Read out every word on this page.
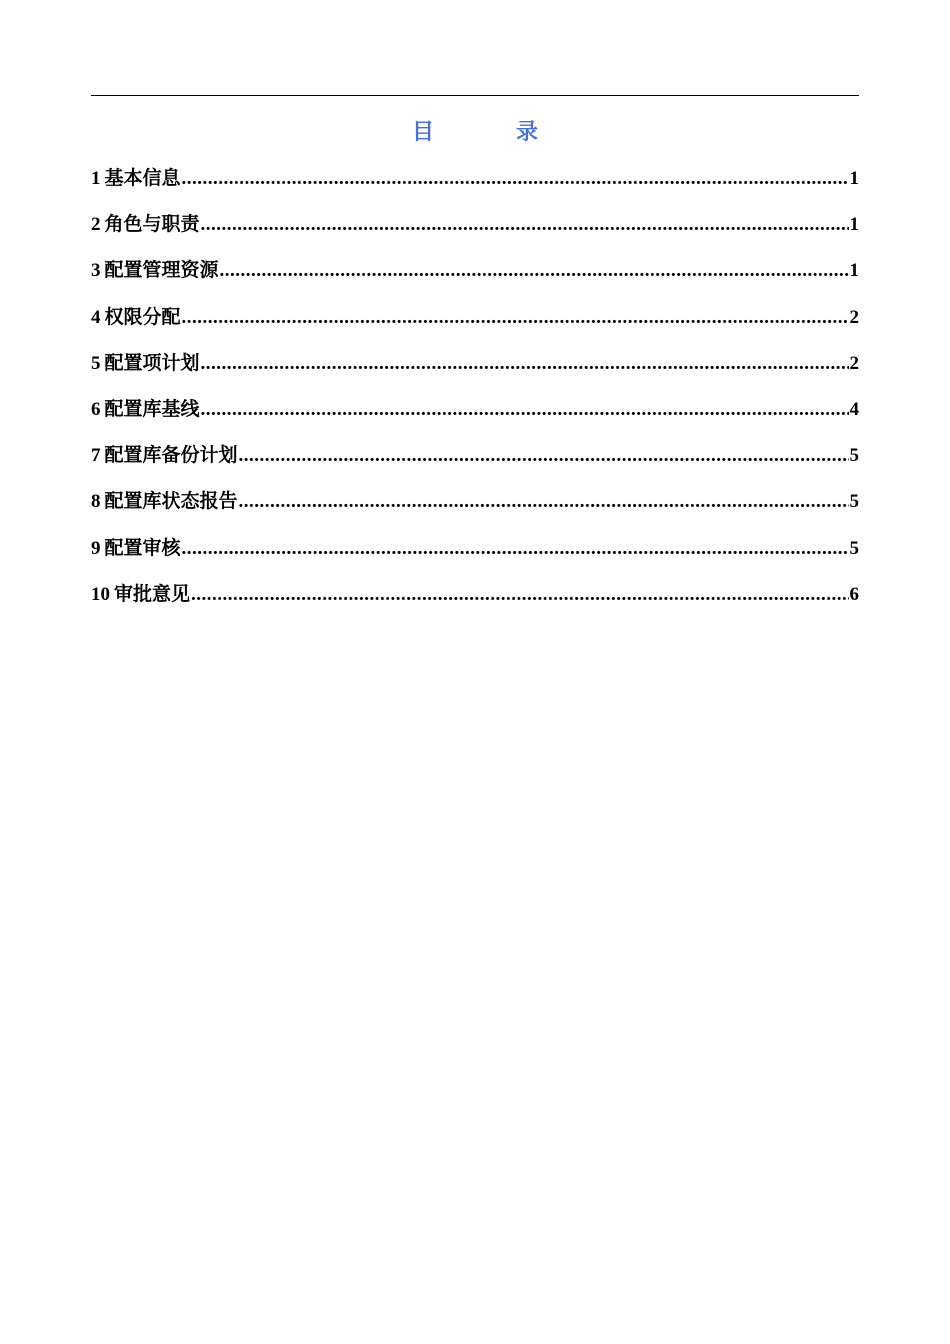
目　录
1 基本信息 .....	1
2 角色与职责 .....	1
3 配置管理资源 .....	1
4 权限分配 .....	2
5 配置项计划 .....	2
6 配置库基线 .....	4
7 配置库备份计划 .....	5
8 配置库状态报告 .....	5
9 配置审核 .....	5
10 审批意见 .....	6
